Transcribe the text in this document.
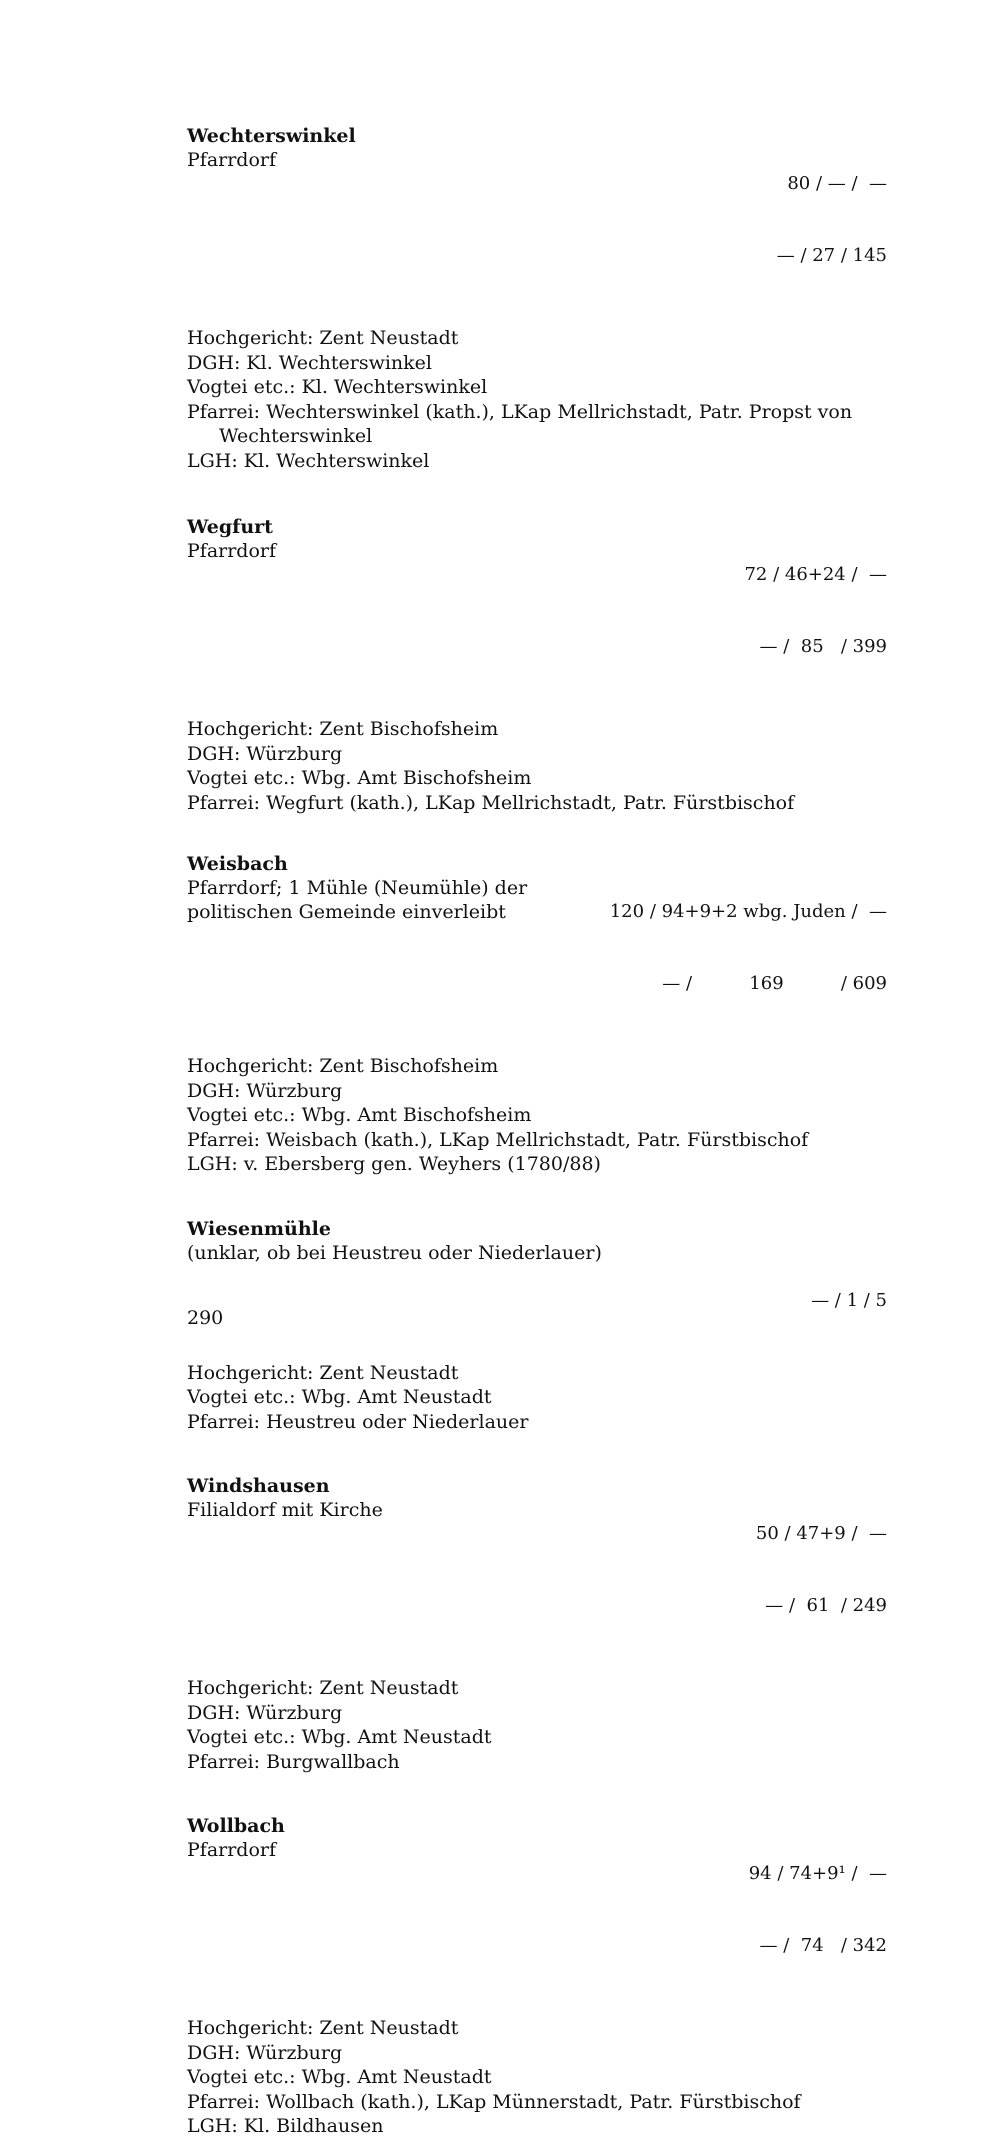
Wechterswinkel
Pfarrdorf

80 / — /  —

— / 27 / 145

Hochgericht: Zent Neustadt
DGH: Kl. Wechterswinkel
Vogtei etc.: Kl. Wechterswinkel
Pfarrei: Wechterswinkel (kath.), LKap Mellrichstadt, Patr. Propst von
Wechterswinkel
LGH: Kl. Wechterswinkel
Wegfurt
Pfarrdorf

72 / 46+24 /  —

— /  85   / 399

Hochgericht: Zent Bischofsheim
DGH: Würzburg
Vogtei etc.: Wbg. Amt Bischofsheim
Pfarrei: Wegfurt (kath.), LKap Mellrichstadt, Patr. Fürstbischof
Weisbach
Pfarrdorf; 1 Mühle (Neumühle) der
politischen Gemeinde einverleibt

	120 / 94+9+2 wbg. Juden /  —

— /          169          / 609

Hochgericht: Zent Bischofsheim
DGH: Würzburg
Vogtei etc.: Wbg. Amt Bischofsheim
Pfarrei: Weisbach (kath.), LKap Mellrichstadt, Patr. Fürstbischof
LGH: v. Ebersberg gen. Weyhers (1780/88)
Wiesenmühle
(unklar, ob bei Heustreu oder Niederlauer)

— / 1 / 5

Hochgericht: Zent Neustadt
Vogtei etc.: Wbg. Amt Neustadt
Pfarrei: Heustreu oder Niederlauer
Windshausen
Filialdorf mit Kirche

50 / 47+9 /  —

— /  61  / 249

Hochgericht: Zent Neustadt
DGH: Würzburg
Vogtei etc.: Wbg. Amt Neustadt
Pfarrei: Burgwallbach
Wollbach
Pfarrdorf

94 / 74+9¹ /  —

— /  74   / 342

Hochgericht: Zent Neustadt
DGH: Würzburg
Vogtei etc.: Wbg. Amt Neustadt
Pfarrei: Wollbach (kath.), LKap Münnerstadt, Patr. Fürstbischof
LGH: Kl. Bildhausen
290
